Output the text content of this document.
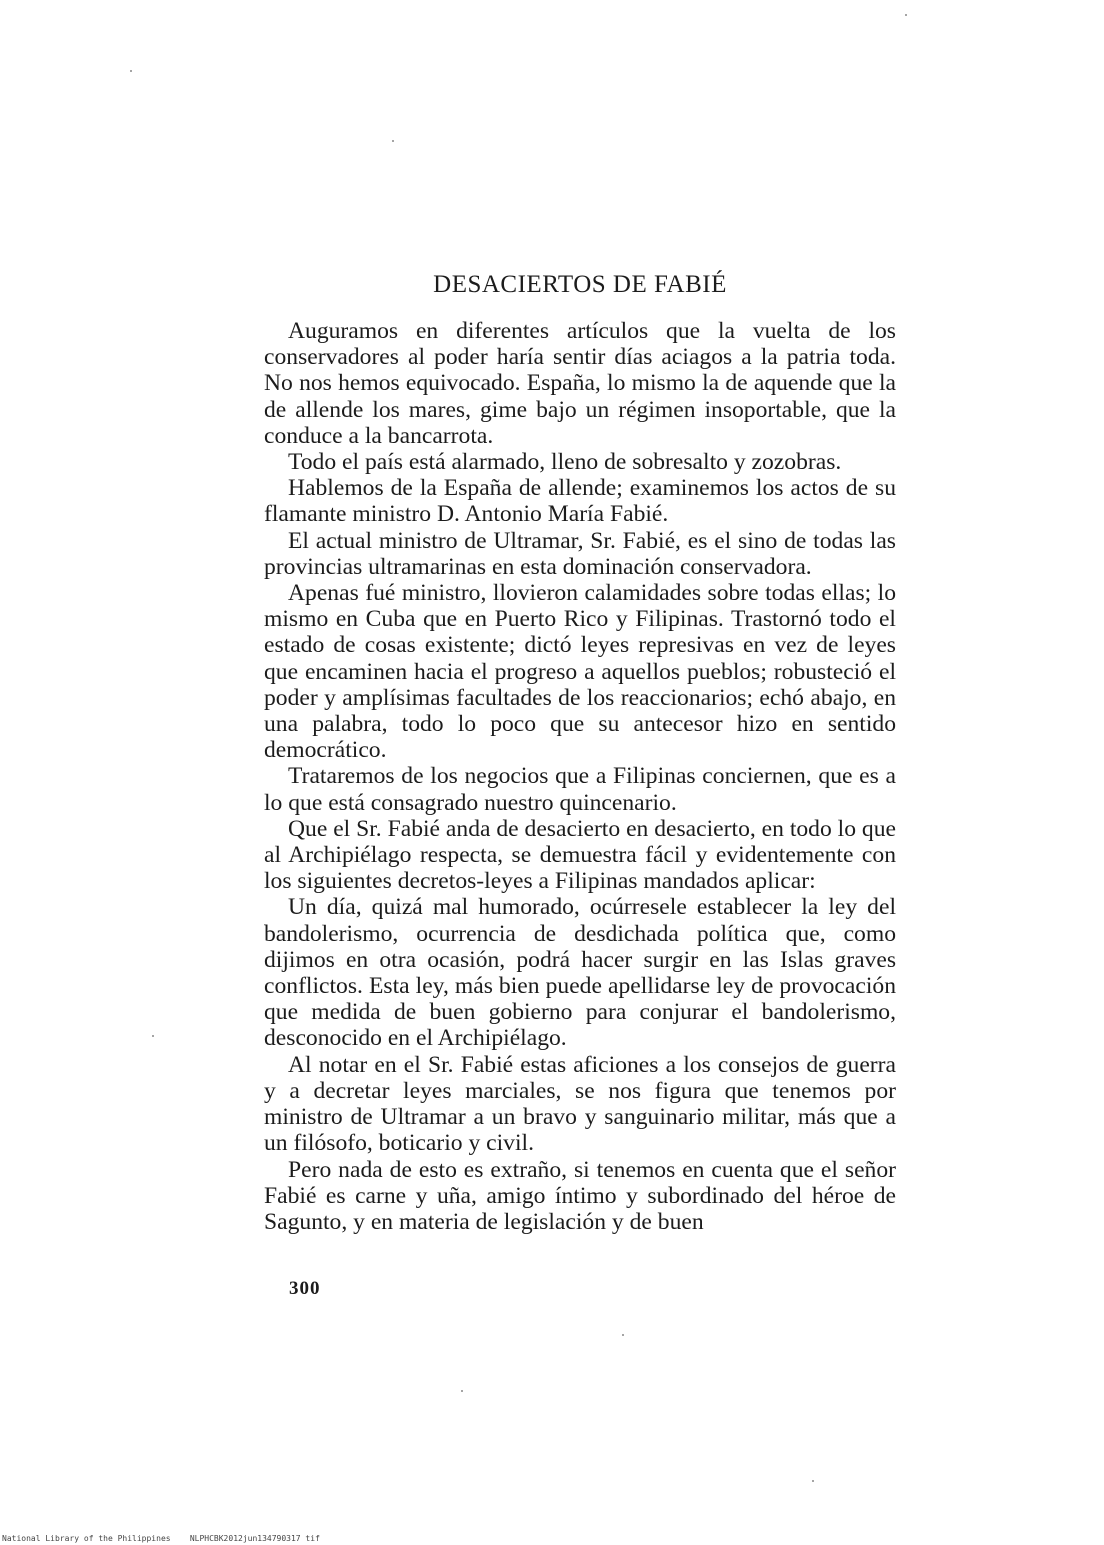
DESACIERTOS DE FABIÉ

Auguramos en diferentes artículos que la vuelta de los conservadores al poder haría sentir días aciagos a la patria toda. No nos hemos equivocado. España, lo mismo la de aquende que la de allende los mares, gime bajo un régimen insoportable, que la conduce a la bancarrota.

Todo el país está alarmado, lleno de sobresalto y zozobras.

Hablemos de la España de allende; examinemos los actos de su flamante ministro D. Antonio María Fabié.

El actual ministro de Ultramar, Sr. Fabié, es el sino de todas las provincias ultramarinas en esta dominación conservadora.

Apenas fué ministro, llovieron calamidades sobre todas ellas; lo mismo en Cuba que en Puerto Rico y Filipinas. Trastornó todo el estado de cosas existente; dictó leyes represivas en vez de leyes que encaminen hacia el progreso a aquellos pueblos; robusteció el poder y amplísimas facultades de los reaccionarios; echó abajo, en una palabra, todo lo poco que su antecesor hizo en sentido democrático.

Trataremos de los negocios que a Filipinas conciernen, que es a lo que está consagrado nuestro quincenario.

Que el Sr. Fabié anda de desacierto en desacierto, en todo lo que al Archipiélago respecta, se demuestra fácil y evidentemente con los siguientes decretos-leyes a Filipinas mandados aplicar:

Un día, quizá mal humorado, ocúrresele establecer la ley del bandolerismo, ocurrencia de desdichada política que, como dijimos en otra ocasión, podrá hacer surgir en las Islas graves conflictos. Esta ley, más bien puede apellidarse ley de provocación que medida de buen gobierno para conjurar el bandolerismo, desconocido en el Archipiélago.

Al notar en el Sr. Fabié estas aficiones a los consejos de guerra y a decretar leyes marciales, se nos figura que tenemos por ministro de Ultramar a un bravo y sanguinario militar, más que a un filósofo, boticario y civil.

Pero nada de esto es extraño, si tenemos en cuenta que el señor Fabié es carne y uña, amigo íntimo y subordinado del héroe de Sagunto, y en materia de legislación y de buen

300
National Library of the Philippines    NLPHCBK2012jun134790317 tif
